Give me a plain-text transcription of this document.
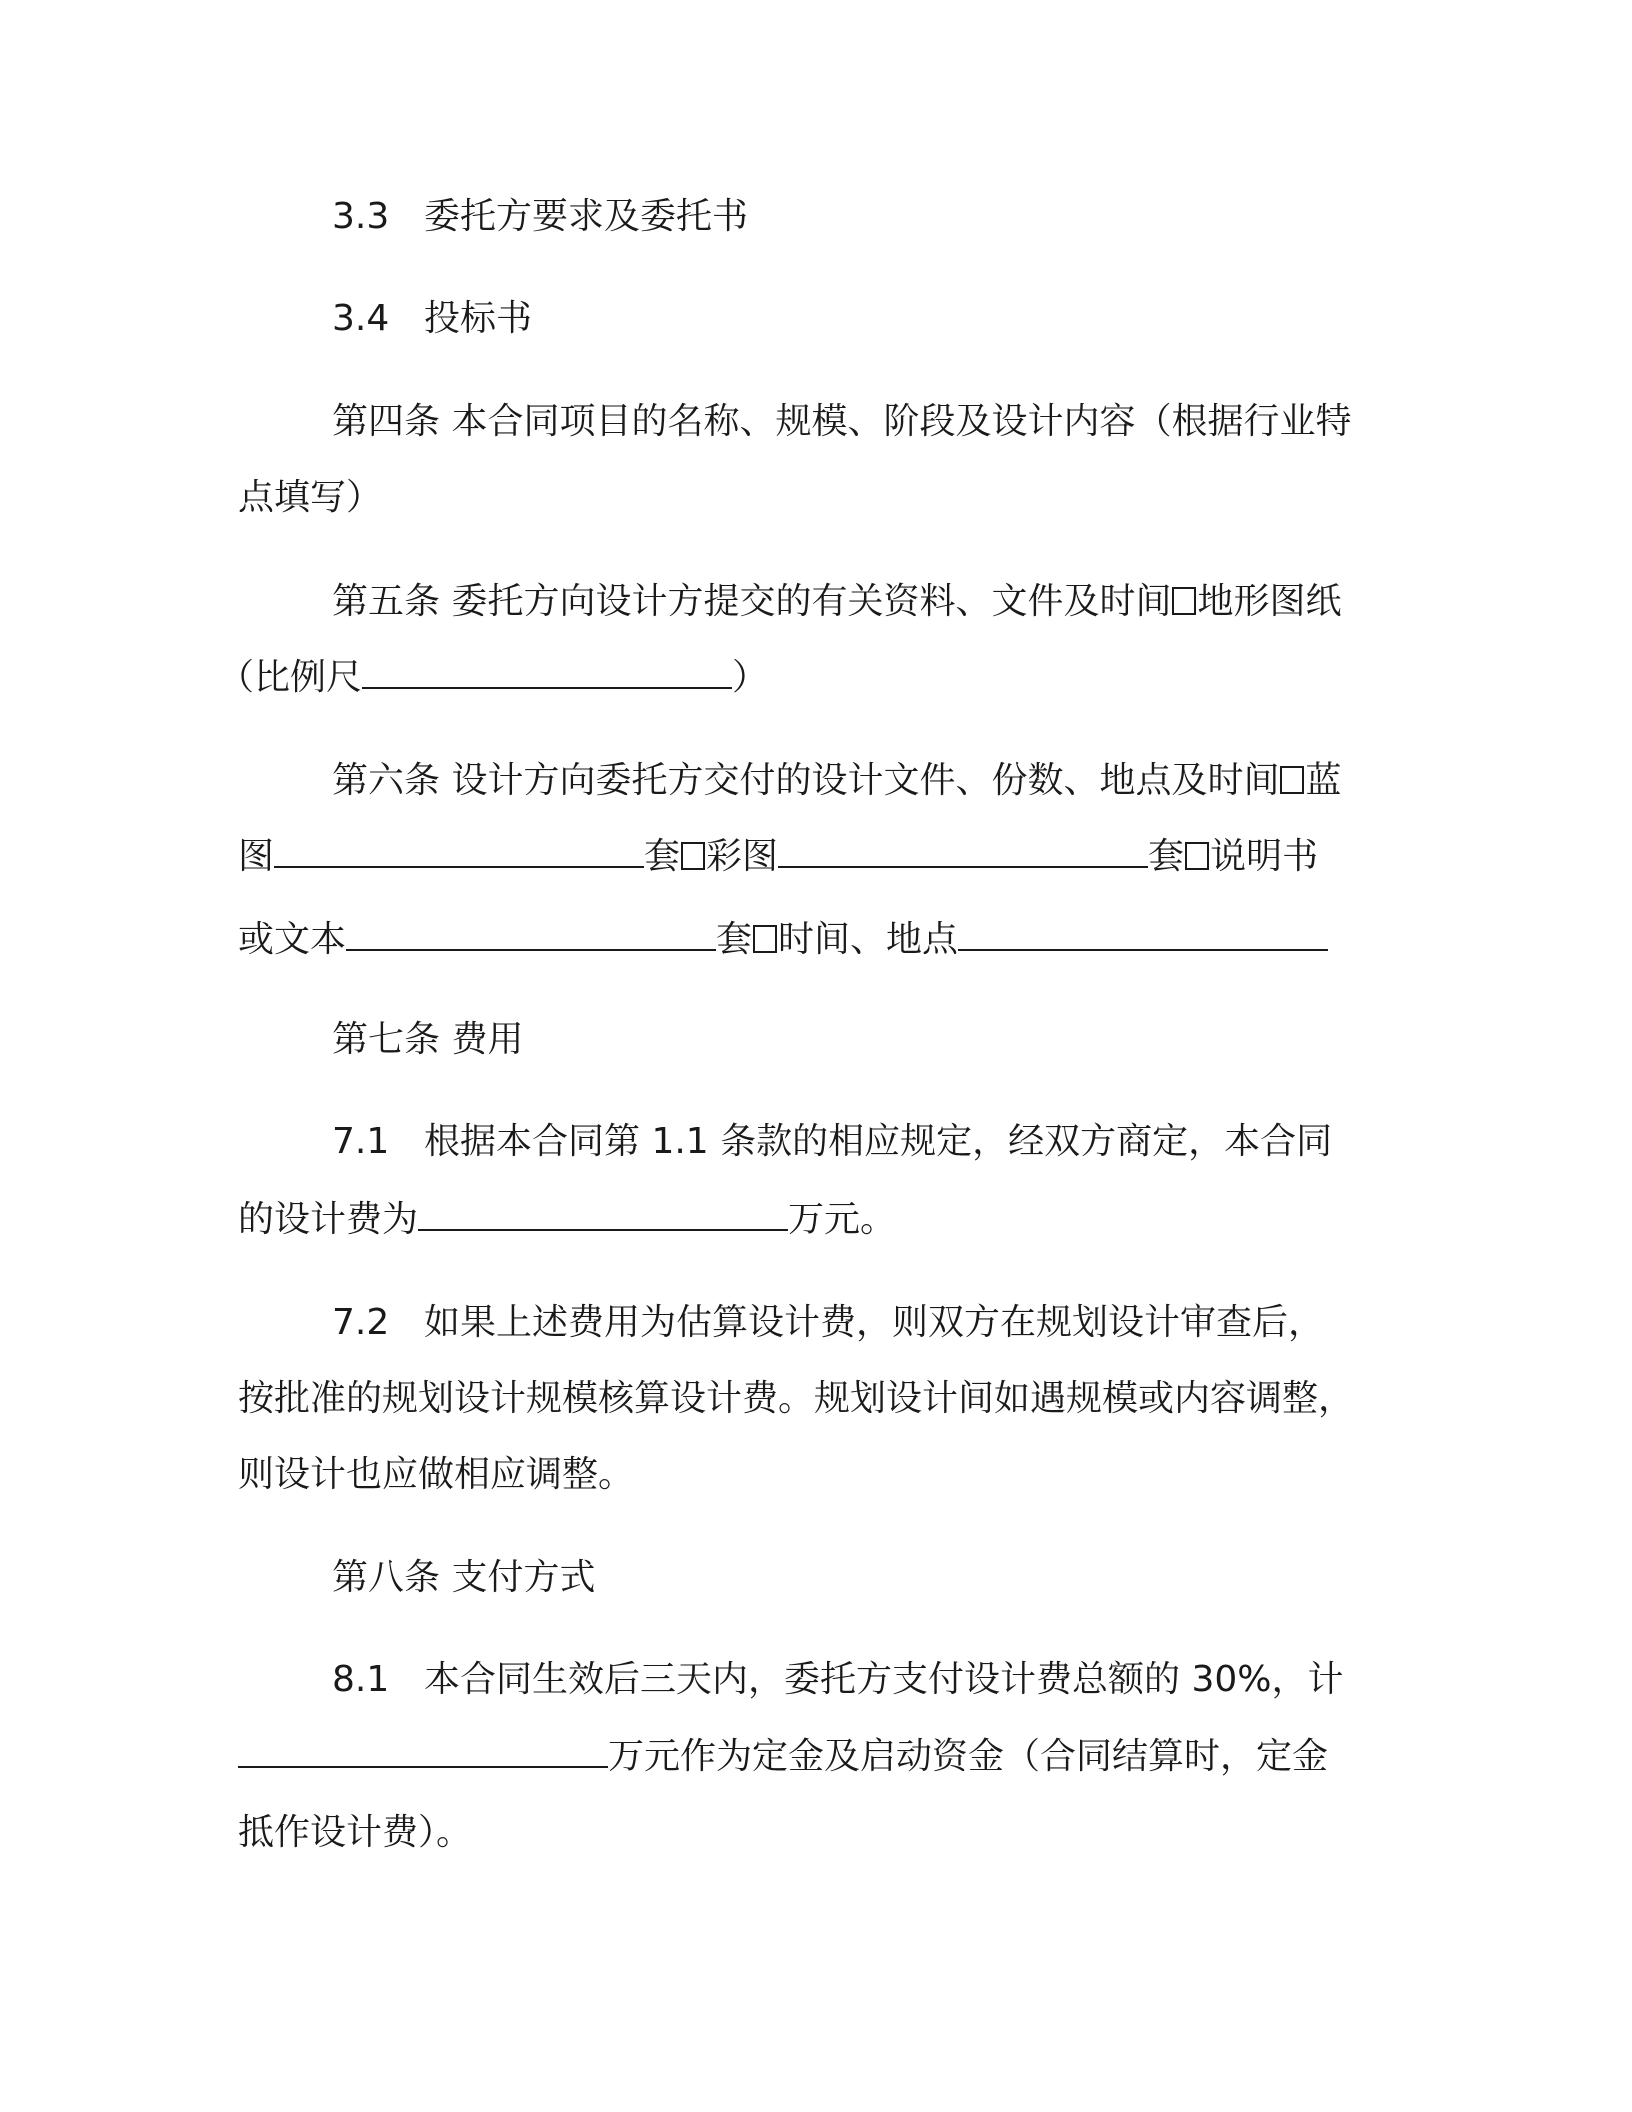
3.3 委托方要求及委托书
3.4 投标书
第四条 本合同项目的名称、规模、阶段及设计内容（根据行业特
点填写）
第五条 委托方向设计方提交的有关资料、文件及时间 地形图纸
（比例尺	）
第六条 设计方向委托方交付的设计文件、份数、地点及时间 蓝
图	套 彩图	套 说明书
或文本	套 时间、地点
第七条 费用
7.1 根据本合同第 1.1 条款的相应规定，经双方商定，本合同
的设计费为	万元。
7.2 如果上述费用为估算设计费，则双方在规划设计审查后，
按批准的规划设计规模核算设计费。规划设计间如遇规模或内容调整，
则设计也应做相应调整。
第八条 支付方式
8.1 本合同生效后三天内，委托方支付设计费总额的 30%，计
万元作为定金及启动资金（合同结算时，定金
抵作设计费）。
